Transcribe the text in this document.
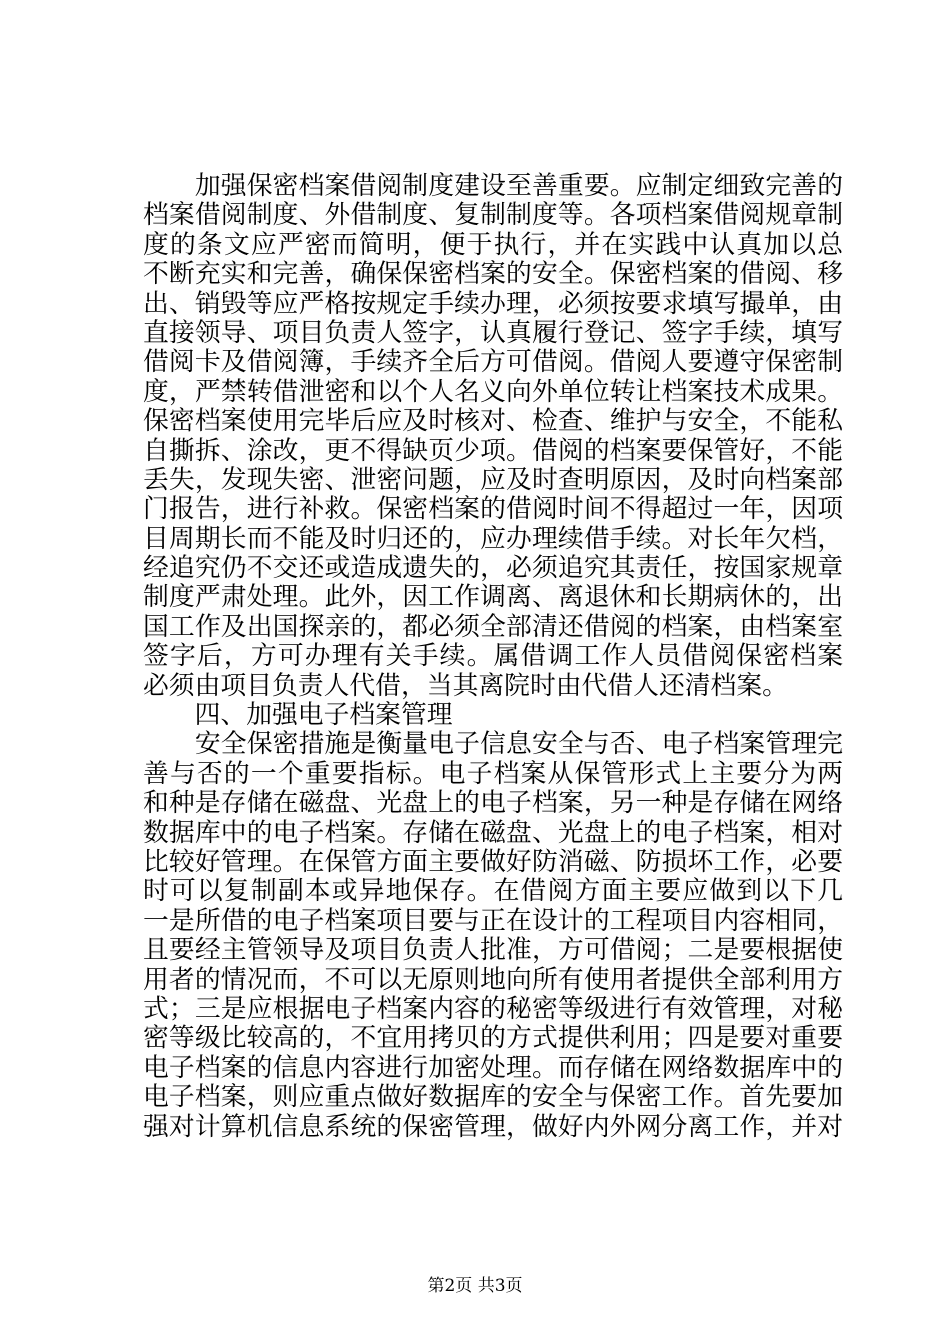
　　加强保密档案借阅制度建设至善重要。应制定细致完善的
档案借阅制度、外借制度、复制制度等。各项档案借阅规章制
度的条文应严密而简明，便于执行，并在实践中认真加以总
不断充实和完善，确保保密档案的安全。保密档案的借阅、移
出、销毁等应严格按规定手续办理，必须按要求填写撮单，由
直接领导、项目负责人签字，认真履行登记、签字手续，填写
借阅卡及借阅簿，手续齐全后方可借阅。借阅人要遵守保密制
度，严禁转借泄密和以个人名义向外单位转让档案技术成果。
保密档案使用完毕后应及时核对、检查、维护与安全，不能私
自撕拆、涂改，更不得缺页少项。借阅的档案要保管好，不能
丢失，发现失密、泄密问题，应及时查明原因，及时向档案部
门报告，进行补救。保密档案的借阅时间不得超过一年，因项
目周期长而不能及时归还的，应办理续借手续。对长年欠档，
经追究仍不交还或造成遗失的，必须追究其责任，按国家规章
制度严肃处理。此外，因工作调离、离退休和长期病休的，出
国工作及出国探亲的，都必须全部清还借阅的档案，由档案室
签字后，方可办理有关手续。属借调工作人员借阅保密档案
必须由项目负责人代借，当其离院时由代借人还清档案。
　　四、加强电子档案管理
　　安全保密措施是衡量电子信息安全与否、电子档案管理完
善与否的一个重要指标。电子档案从保管形式上主要分为两
和种是存储在磁盘、光盘上的电子档案，另一种是存储在网络
数据库中的电子档案。存储在磁盘、光盘上的电子档案，相对
比较好管理。在保管方面主要做好防消磁、防损坏工作，必要
时可以复制副本或异地保存。在借阅方面主要应做到以下几
一是所借的电子档案项目要与正在设计的工程项目内容相同，
且要经主管领导及项目负责人批准，方可借阅；二是要根据使
用者的情况而，不可以无原则地向所有使用者提供全部利用方
式；三是应根据电子档案内容的秘密等级进行有效管理，对秘
密等级比较高的，不宜用拷贝的方式提供利用；四是要对重要
电子档案的信息内容进行加密处理。而存储在网络数据库中的
电子档案，则应重点做好数据库的安全与保密工作。首先要加
强对计算机信息系统的保密管理，做好内外网分离工作，并对
第2页 共3页
